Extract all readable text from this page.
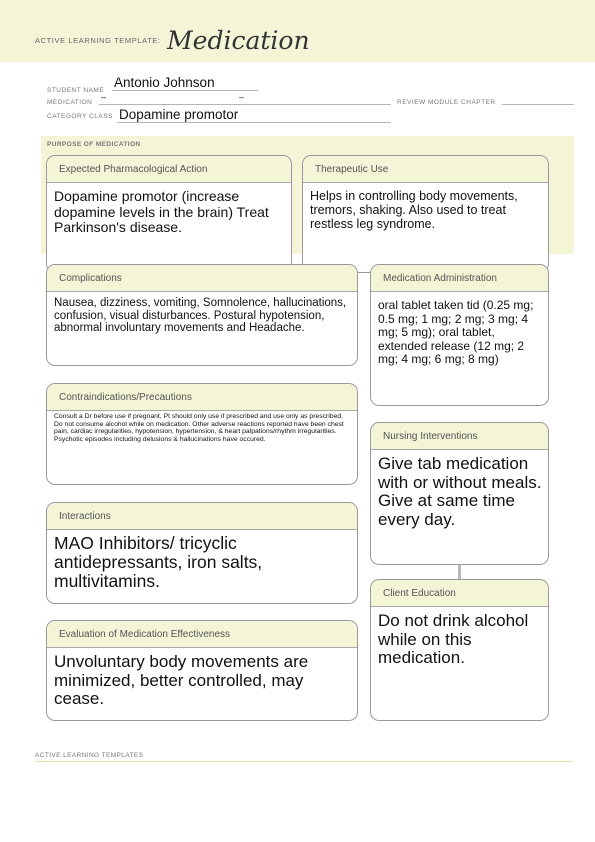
ACTIVE LEARNING TEMPLATE: Medication
STUDENT NAME
Antonio Johnson
MEDICATION
–	–
REVIEW MODULE CHAPTER
CATEGORY CLASS Dopamine promotor
PURPOSE OF MEDICATION
Expected Pharmacological Action
Dopamine promotor (increase dopamine levels in the brain) Treat Parkinson's disease.
Therapeutic Use
Helps in controlling body movements, tremors, shaking. Also used to treat restless leg syndrome.
Complications
Nausea, dizziness, vomiting, Somnolence, hallucinations, confusion, visual disturbances. Postural hypotension, abnormal involuntary movements and Headache.
Medication Administration
oral tablet taken tid (0.25 mg; 0.5 mg; 1 mg; 2 mg; 3 mg; 4 mg; 5 mg); oral tablet, extended release (12 mg; 2 mg; 4 mg; 6 mg; 8 mg)
Contraindications/Precautions
Consult a Dr before use if pregnant, Pt should only use if prescribed and use only as prescribed. Do not consume alcohol while on medication. Other adverse reactions reported have been chest pain, cardiac irregularities, hypotension, hypertension, & heart palpations/rhythm irregularities. Psychotic episodes including delusions & hallucinations have occured.	Nursing Interventions
Give tab medication with or without meals. Give at same time every day.
Interactions
MAO Inhibitors/ tricyclic antidepressants, iron salts, multivitamins.
Client Education
Do not drink alcohol while on this medication.
Evaluation of Medication Effectiveness
Unvoluntary body movements are minimized, better controlled, may cease.
ACTIVE LEARNING TEMPLATES
